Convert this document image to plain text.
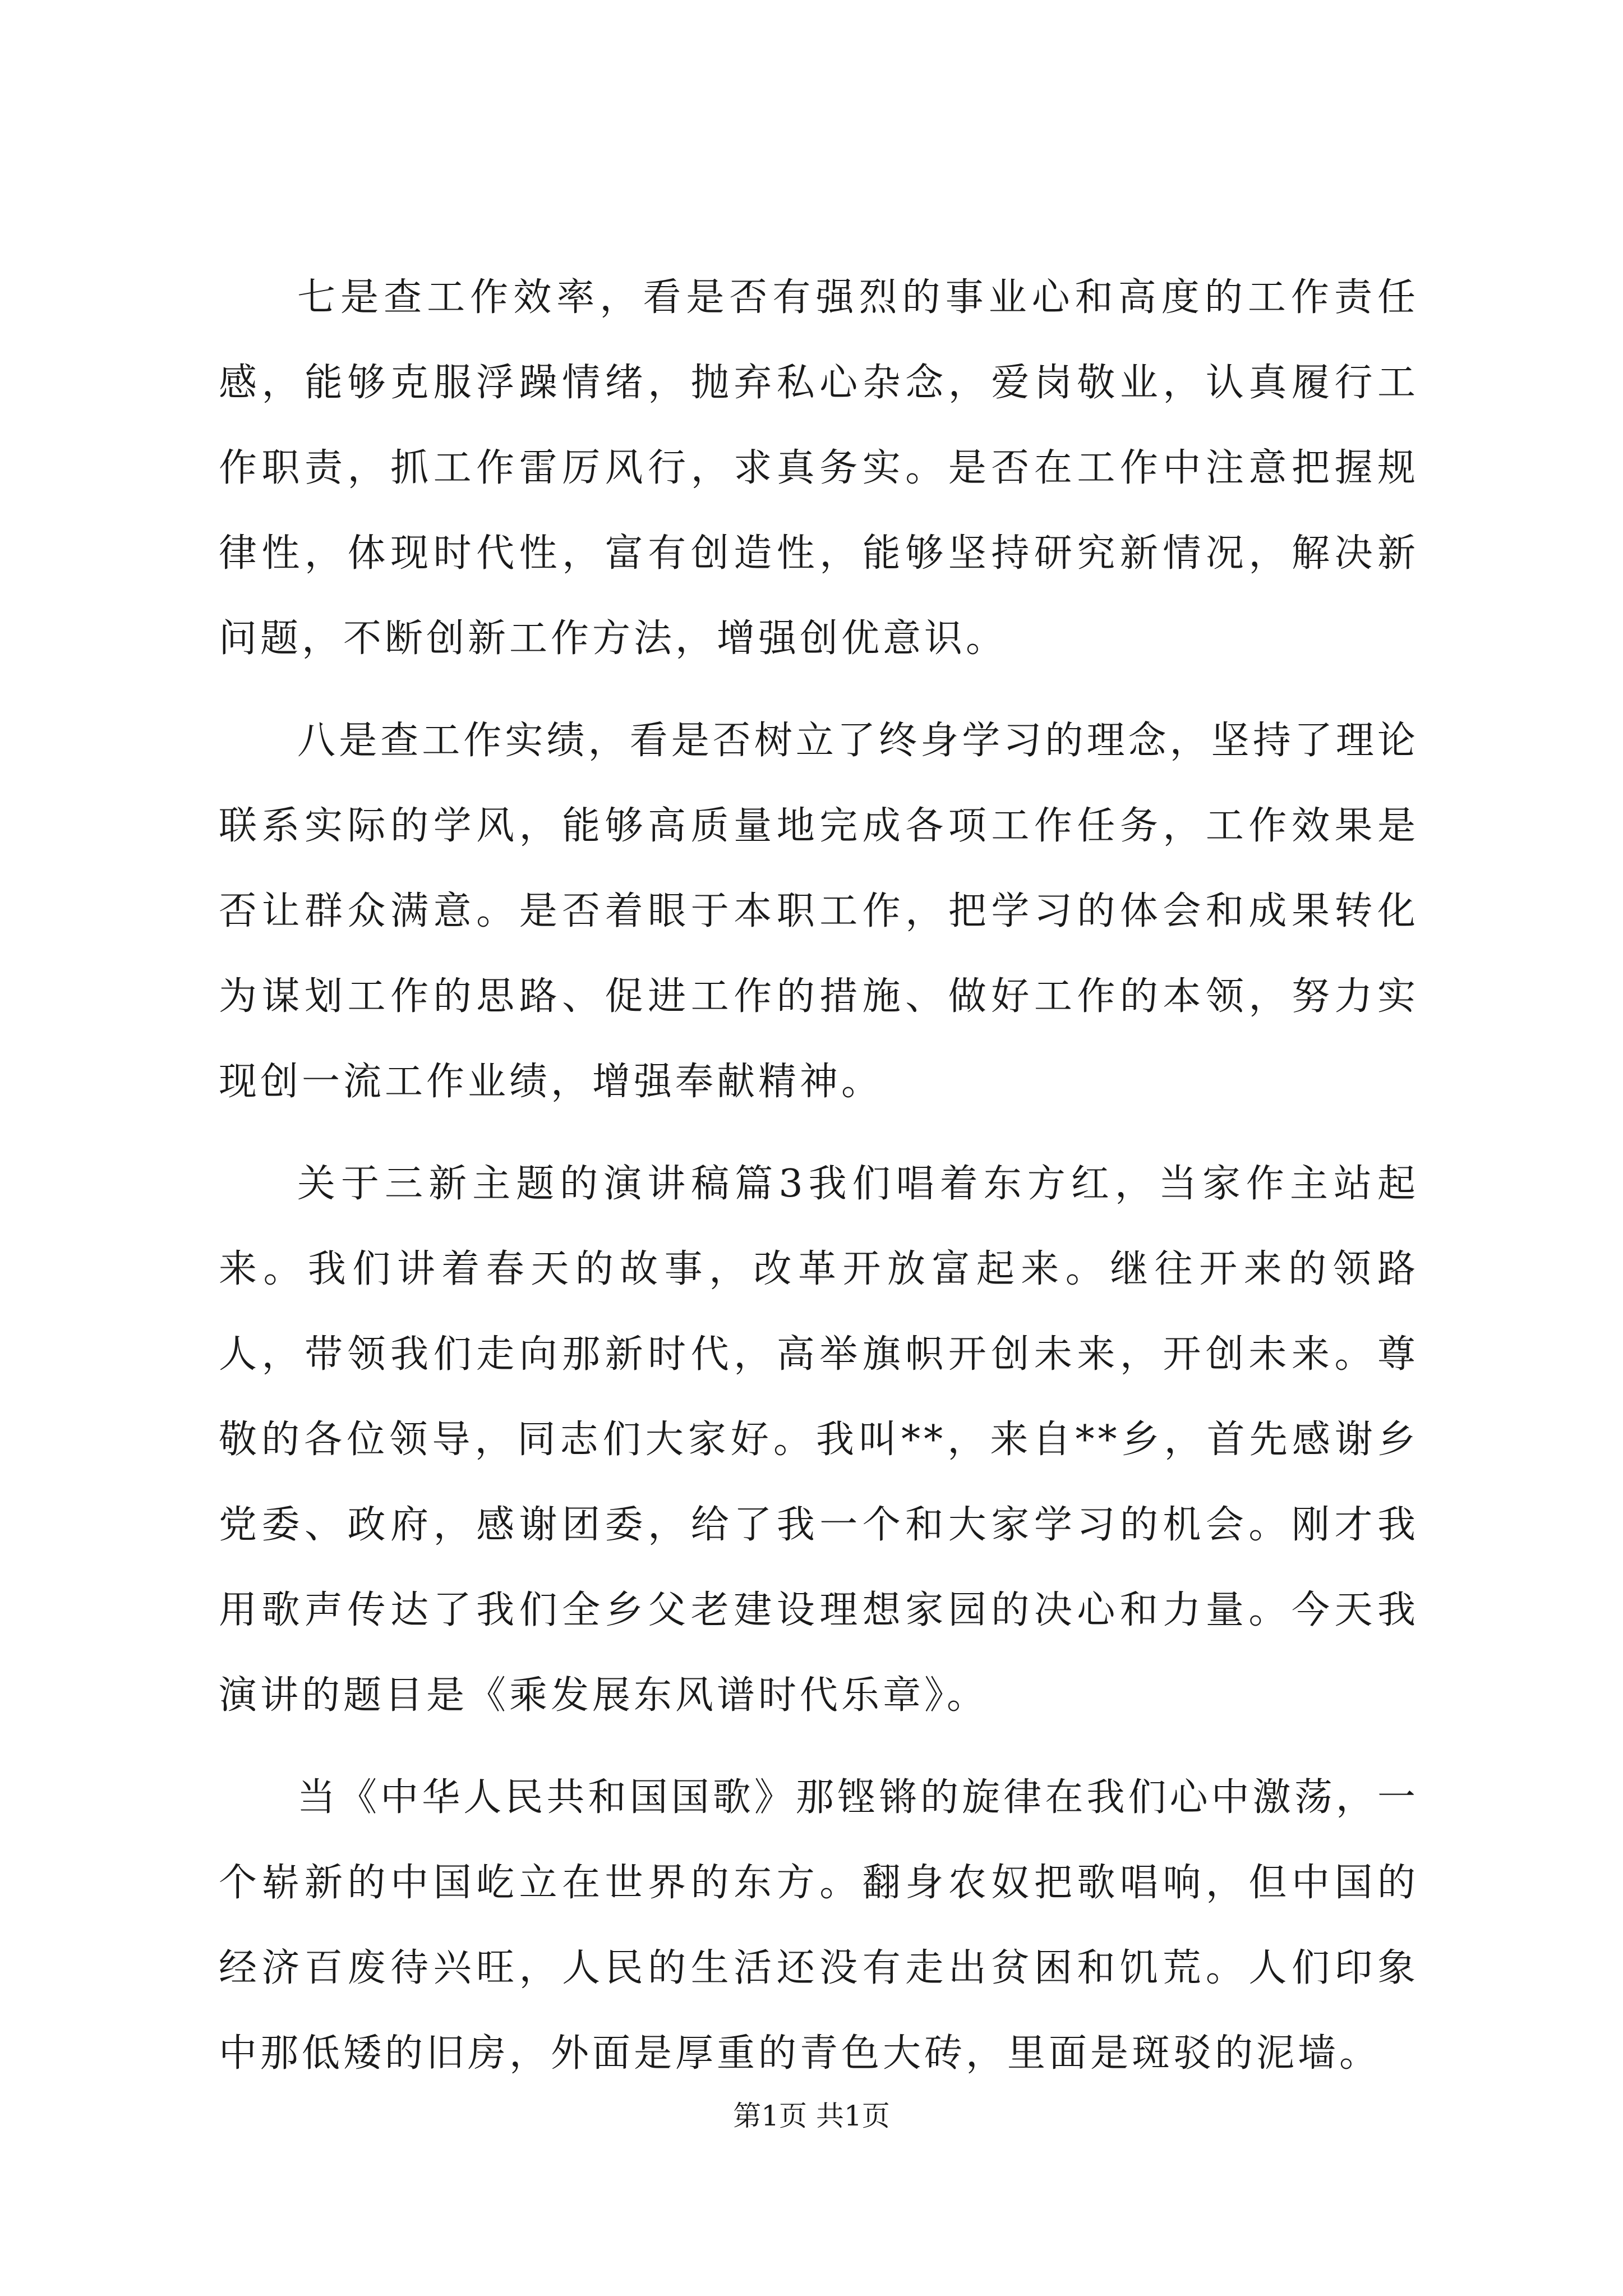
七是查工作效率，看是否有强烈的事业心和高度的工作责任感，能够克服浮躁情绪，抛弃私心杂念，爱岗敬业，认真履行工作职责，抓工作雷厉风行，求真务实。是否在工作中注意把握规律性，体现时代性，富有创造性，能够坚持研究新情况，解决新问题，不断创新工作方法，增强创优意识。

八是查工作实绩，看是否树立了终身学习的理念，坚持了理论联系实际的学风，能够高质量地完成各项工作任务，工作效果是否让群众满意。是否着眼于本职工作，把学习的体会和成果转化为谋划工作的思路、促进工作的措施、做好工作的本领，努力实现创一流工作业绩，增强奉献精神。

关于三新主题的演讲稿篇3我们唱着东方红，当家作主站起来。我们讲着春天的故事，改革开放富起来。继往开来的领路人，带领我们走向那新时代，高举旗帜开创未来，开创未来。尊敬的各位领导，同志们大家好。我叫**，来自**乡，首先感谢乡党委、政府，感谢团委，给了我一个和大家学习的机会。刚才我用歌声传达了我们全乡父老建设理想家园的决心和力量。今天我演讲的题目是《乘发展东风谱时代乐章》。

当《中华人民共和国国歌》那铿锵的旋律在我们心中激荡，一个崭新的中国屹立在世界的东方。翻身农奴把歌唱响，但中国的经济百废待兴旺，人民的生活还没有走出贫困和饥荒。人们印象中那低矮的旧房，外面是厚重的青色大砖，里面是斑驳的泥墙。

第1页 共1页
